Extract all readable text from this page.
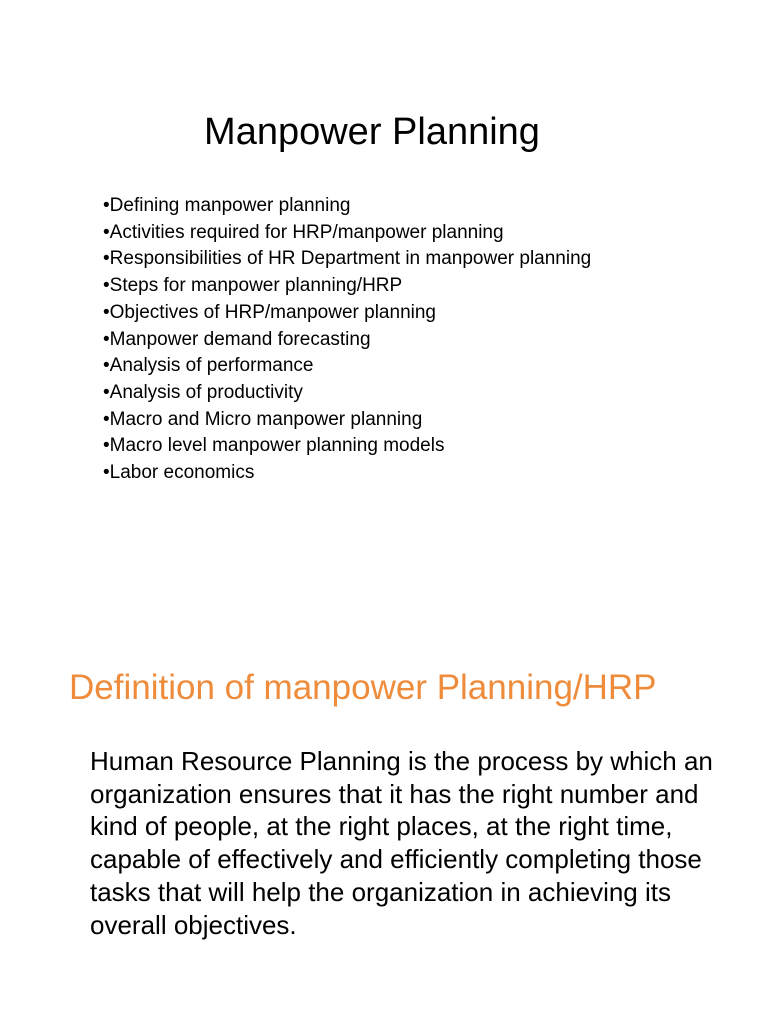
Manpower Planning
•Defining manpower planning
•Activities required for HRP/manpower planning
•Responsibilities of HR Department in manpower planning
•Steps for manpower planning/HRP
•Objectives of HRP/manpower planning
•Manpower demand forecasting
•Analysis of performance
•Analysis of productivity
•Macro and Micro manpower planning
•Macro level manpower planning models
•Labor economics
Definition of manpower Planning/HRP

Human Resource Planning is the process by which an organization ensures that it has the right number and kind of people, at the right places, at the right time, capable of effectively and efficiently completing those tasks that will help the organization in achieving its overall objectives.
